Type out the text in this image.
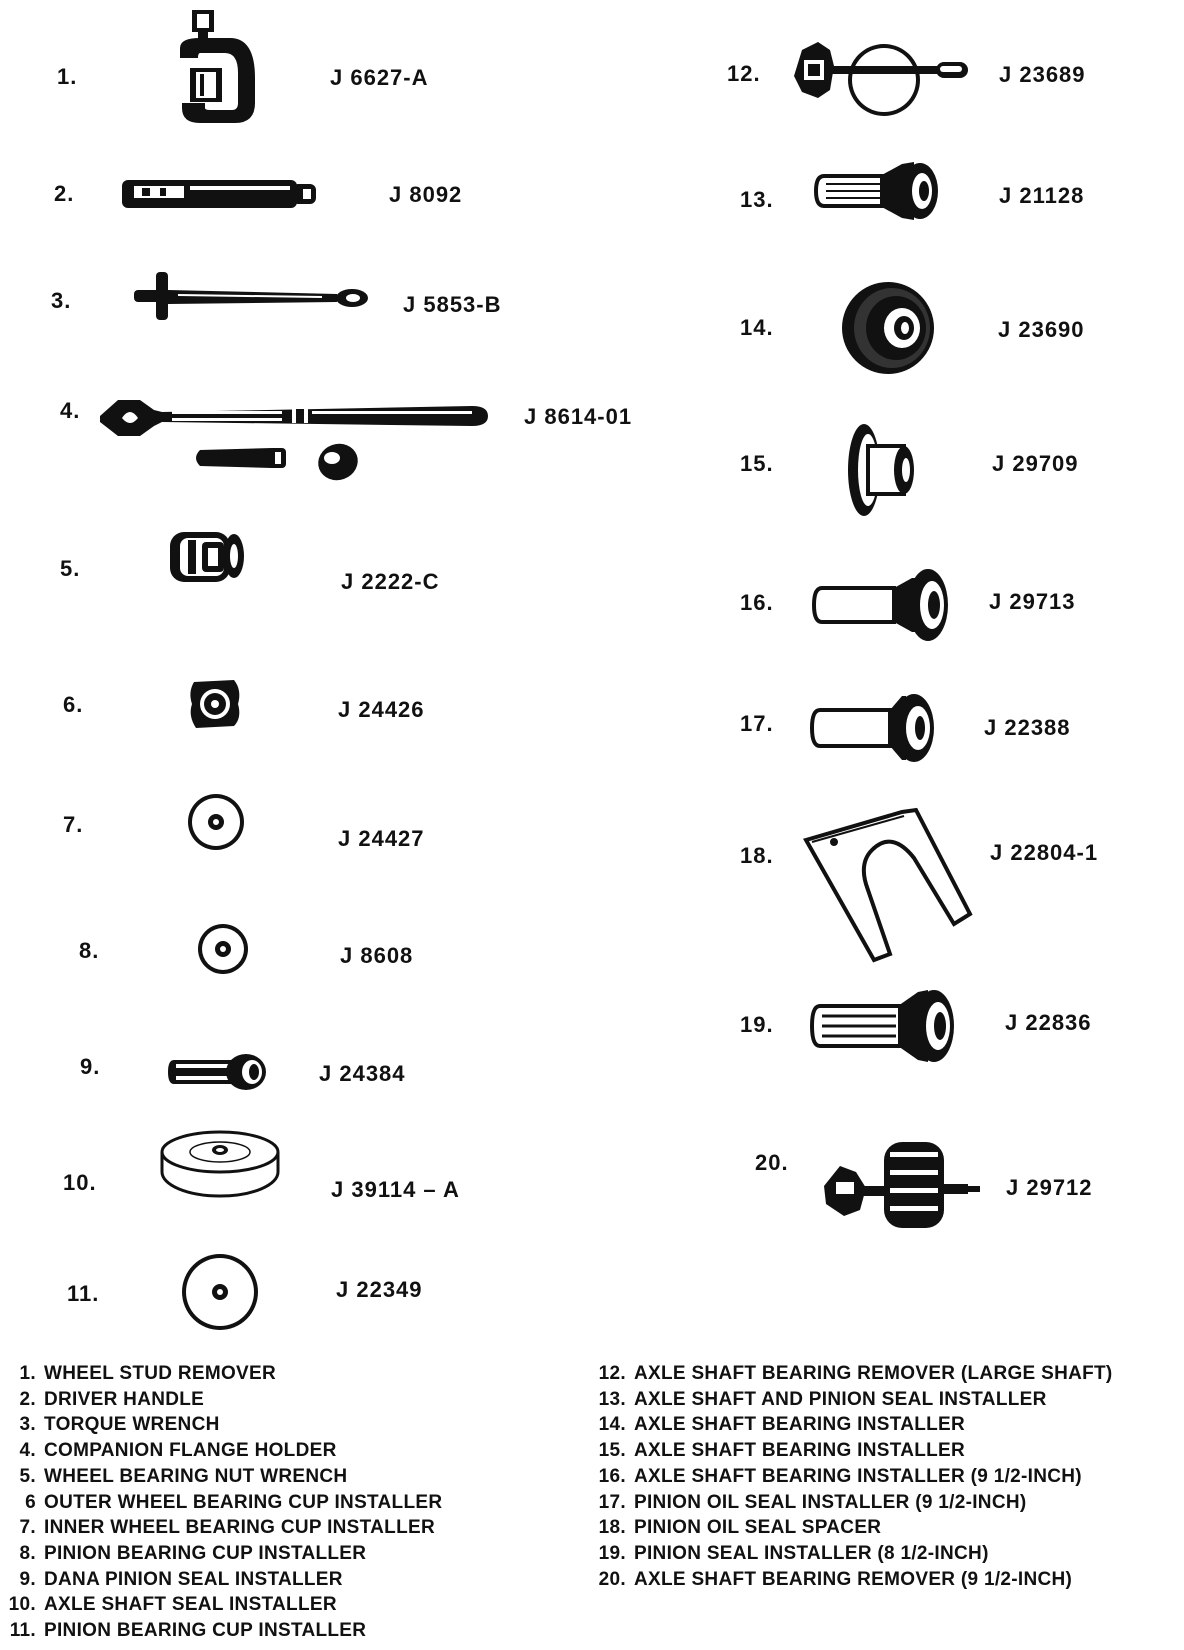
1.
2.
3.
4.
5.
6.
7.
8.
9.
10.
11.
12.
13.
14.
15.
16.
17.
18.
19.
20.
J 6627-A
J 8092
J 5853-B
J 8614-01
J 2222-C
J 24426
J 24427
J 8608
J 24384
J 39114 – A
J 22349
J 23689
J 21128
J 23690
J 29709
J 29713
J 22388
J 22804-1
J 22836
J 29712
1. WHEEL STUD REMOVER
2. DRIVER HANDLE
3. TORQUE WRENCH
4. COMPANION FLANGE HOLDER
5. WHEEL BEARING NUT WRENCH
6 OUTER WHEEL BEARING CUP INSTALLER
7. INNER WHEEL BEARING CUP INSTALLER
8. PINION BEARING CUP INSTALLER
9. DANA PINION SEAL INSTALLER
10. AXLE SHAFT SEAL INSTALLER
11. PINION BEARING CUP INSTALLER
12. AXLE SHAFT BEARING REMOVER (LARGE SHAFT)
13. AXLE SHAFT AND PINION SEAL INSTALLER
14. AXLE SHAFT BEARING INSTALLER
15. AXLE SHAFT BEARING INSTALLER
16. AXLE SHAFT BEARING INSTALLER (9 1/2-INCH)
17. PINION OIL SEAL INSTALLER (9 1/2-INCH)
18. PINION OIL SEAL SPACER
19. PINION SEAL INSTALLER (8 1/2-INCH)
20. AXLE SHAFT BEARING REMOVER (9 1/2-INCH)
